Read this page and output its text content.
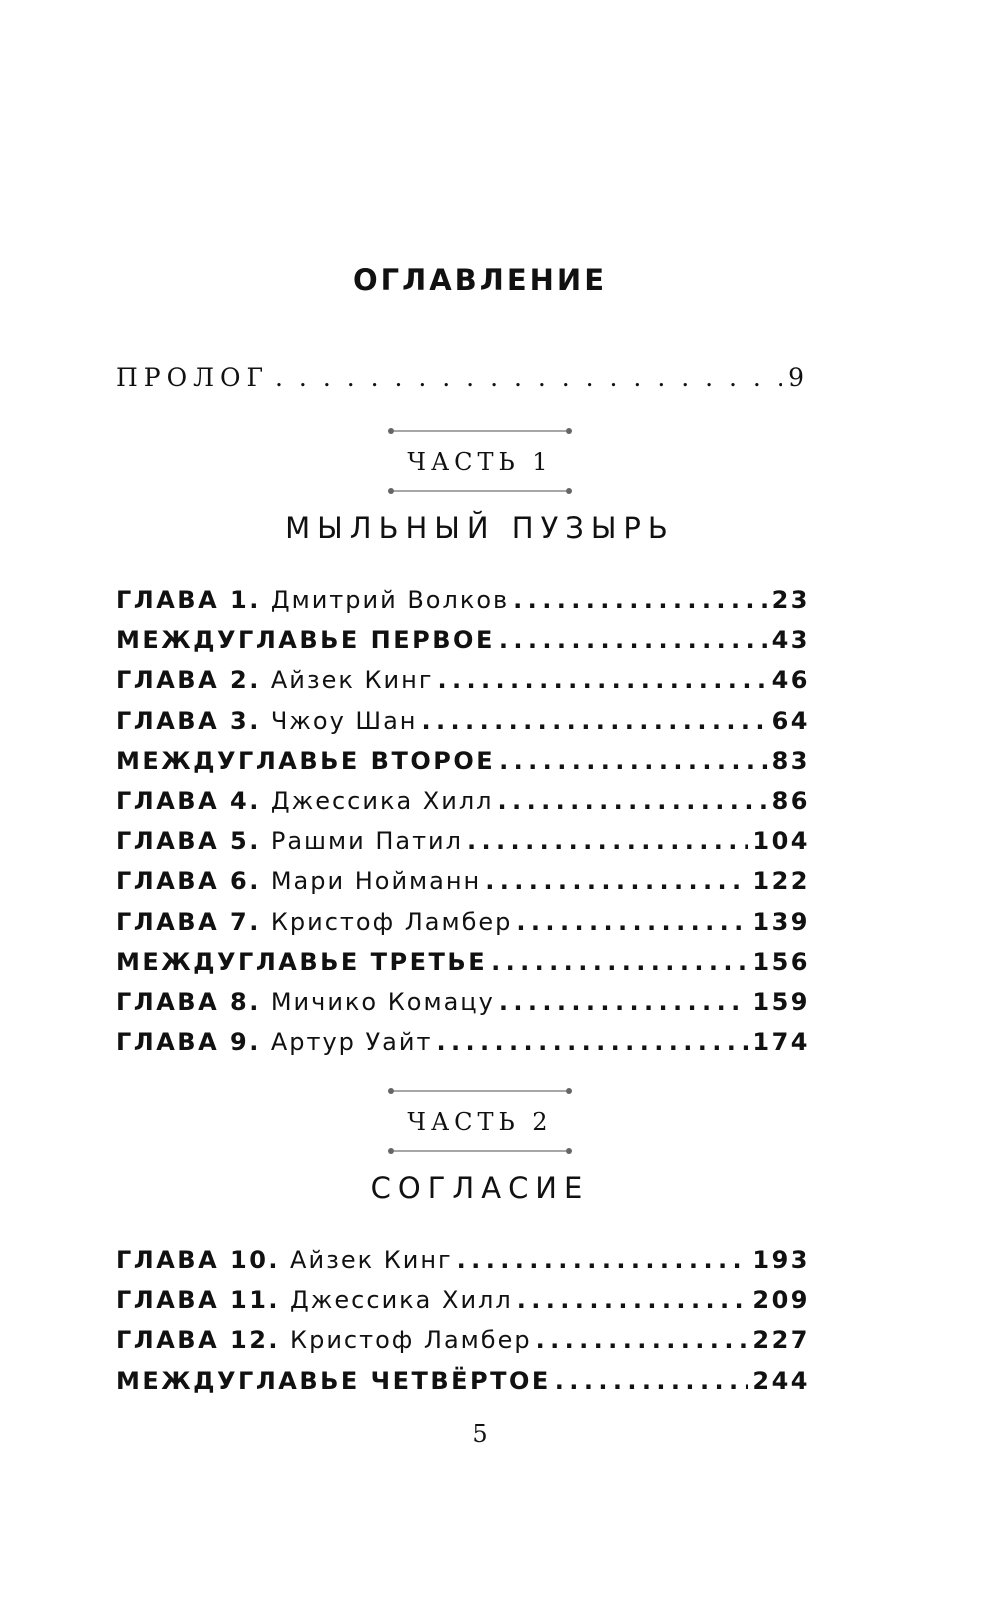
ОГЛАВЛЕНИЕ
ПРОЛОГ . . .	9
ЧАСТЬ 1
МЫЛЬНЫЙ ПУЗЫРЬ
ГЛАВА 1. Дмитрий Волков .....	23
МЕЖДУГЛАВЬЕ ПЕРВОЕ .....	43
ГЛАВА 2. Айзек Кинг .....	46
ГЛАВА 3. Чжоу Шан .....	64
МЕЖДУГЛАВЬЕ ВТОРОЕ .....	83
ГЛАВА 4. Джессика Хилл .....	86
ГЛАВА 5. Рашми Патил .....	104
ГЛАВА 6. Мари Нойманн .....	122
ГЛАВА 7. Кристоф Ламбер .....	139
МЕЖДУГЛАВЬЕ ТРЕТЬЕ .....	156
ГЛАВА 8. Мичико Комацу .....	159
ГЛАВА 9. Артур Уайт .....	174
ЧАСТЬ 2
СОГЛАСИЕ
ГЛАВА 10. Айзек Кинг .....	193
ГЛАВА 11. Джессика Хилл .....	209
ГЛАВА 12. Кристоф Ламбер .....	227
МЕЖДУГЛАВЬЕ ЧЕТВЁРТОЕ .....	244
5
